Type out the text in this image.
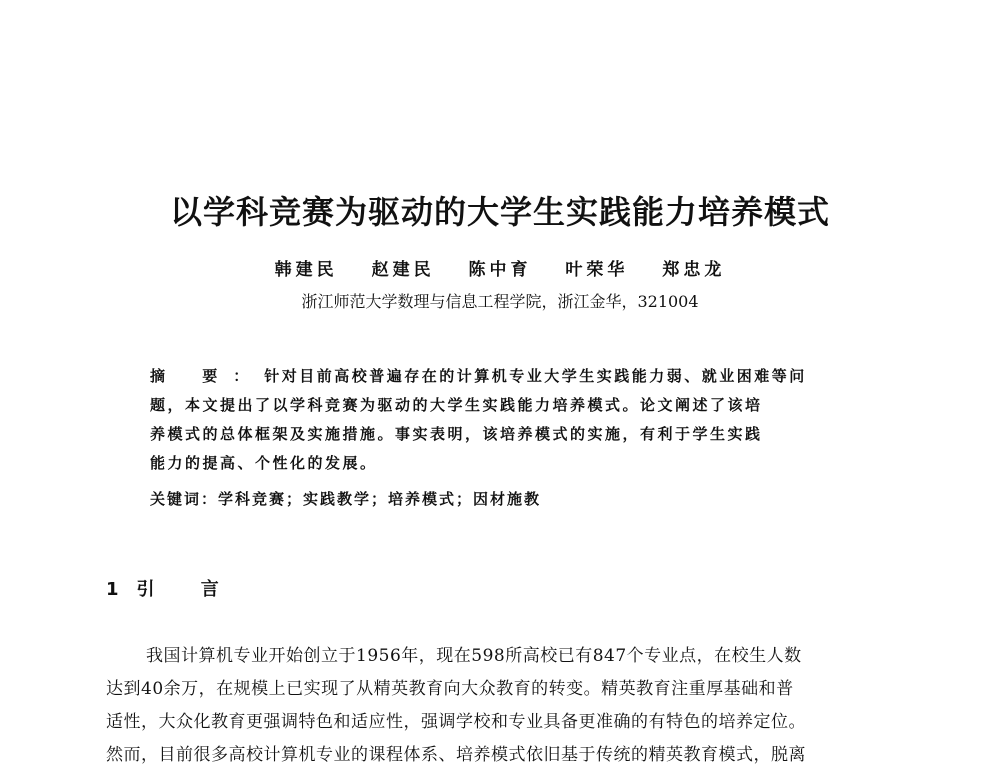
以学科竞赛为驱动的大学生实践能力培养模式
韩建民 赵建民 陈中育 叶荣华 郑忠龙
浙江师范大学数理与信息工程学院，浙江金华，321004
摘 要：针对目前高校普遍存在的计算机专业大学生实践能力弱、就业困难等问
题，本文提出了以学科竞赛为驱动的大学生实践能力培养模式。论文阐述了该培
养模式的总体框架及实施措施。事实表明，该培养模式的实施，有利于学生实践
能力的提高、个性化的发展。
关键词：学科竞赛；实践教学；培养模式；因材施教
1 引 言
我国计算机专业开始创立于1956年，现在598所高校已有847个专业点，在校生人数
达到40余万，在规模上已实现了从精英教育向大众教育的转变。精英教育注重厚基础和普
适性，大众化教育更强调特色和适应性，强调学校和专业具备更准确的有特色的培养定位。
然而，目前很多高校计算机专业的课程体系、培养模式依旧基于传统的精英教育模式，脱离
